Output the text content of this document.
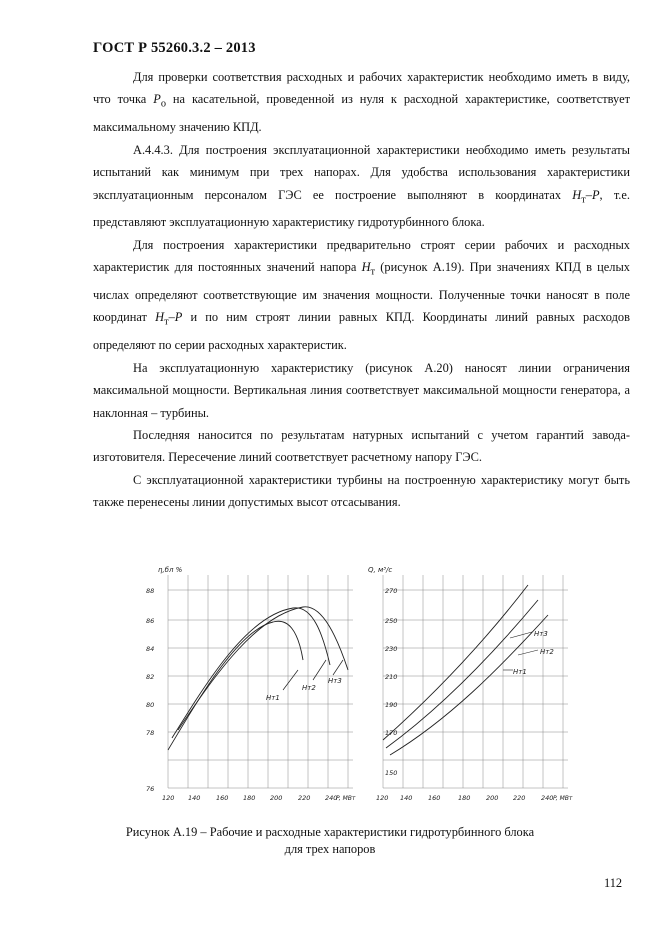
ГОСТ Р 55260.3.2 – 2013

Для проверки соответствия расходных и рабочих характеристик необходимо иметь в виду, что точка $P_о$ на касательной, проведенной из нуля к расходной характеристике, соответствует максимальному значению КПД.

А.4.4.3. Для построения эксплуатационной характеристики необходимо иметь результаты испытаний как минимум при трех напорах. Для удобства использования характеристики эксплуатационным персоналом ГЭС ее построение выполняют в координатах $H_т-P$, т.е. представляют эксплуатационную характеристику гидротурбинного блока.

Для построения характеристики предварительно строят серии рабочих и расходных характеристик для постоянных значений напора $H_т$ (рисунок А.19). При значениях КПД в целых числах определяют соответствующие им значения мощности. Полученные точки наносят в поле координат $H_т-P$ и по ним строят линии равных КПД. Координаты линий равных расходов определяют по серии расходных характеристик.

На эксплуатационную характеристику (рисунок А.20) наносят линии ограничения максимальной мощности. Вертикальная линия соответствует максимальной мощности генератора, а наклонная – турбины.

Последняя наносится по результатам натурных испытаний с учетом гарантий завода-изготовителя. Пересечение линий соответствует расчетному напору ГЭС.

С эксплуатационной характеристики турбины на построенную характеристику могут быть также перенесены линии допустимых высот отсасывания.

η,бл %
88
86
84
82
80
78
76
120 140 160 180 200 220 240
P, МВт
Hт1
Hт2
Hт3
Q, м³/с
270
250
230
210
190
170
150
120 140 160	180 200 220 240 P, МВт
Hт3
Hт2
Hт1
Рисунок А.19 – Рабочие и расходные характеристики гидротурбинного блока для трех напоров
112
